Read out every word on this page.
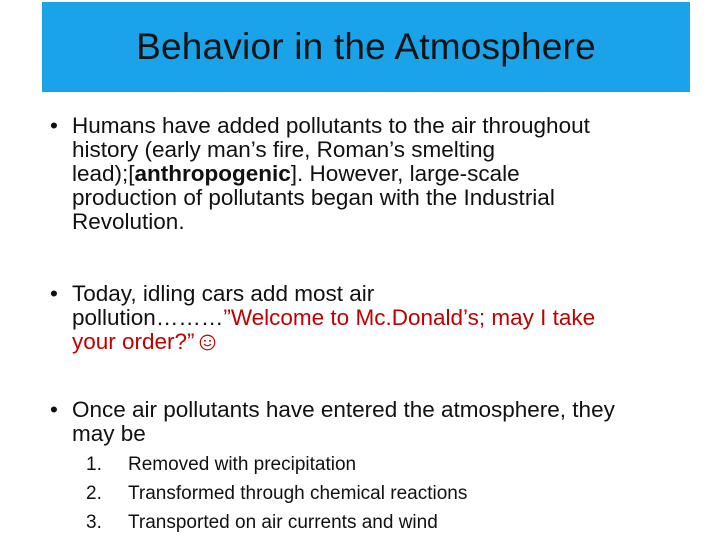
Behavior in the Atmosphere
• Humans have added pollutants to the air throughout
history (early man’s fire, Roman’s smelting
lead);[anthropogenic]. However, large-scale
production of pollutants began with the Industrial
Revolution.
• Today, idling cars add most air
pollution………”Welcome to Mc.Donald’s; may I take
your order?”
• Once air pollutants have entered the atmosphere, they
may be
1. Removed with precipitation
2. Transformed through chemical reactions
3. Transported on air currents and wind
